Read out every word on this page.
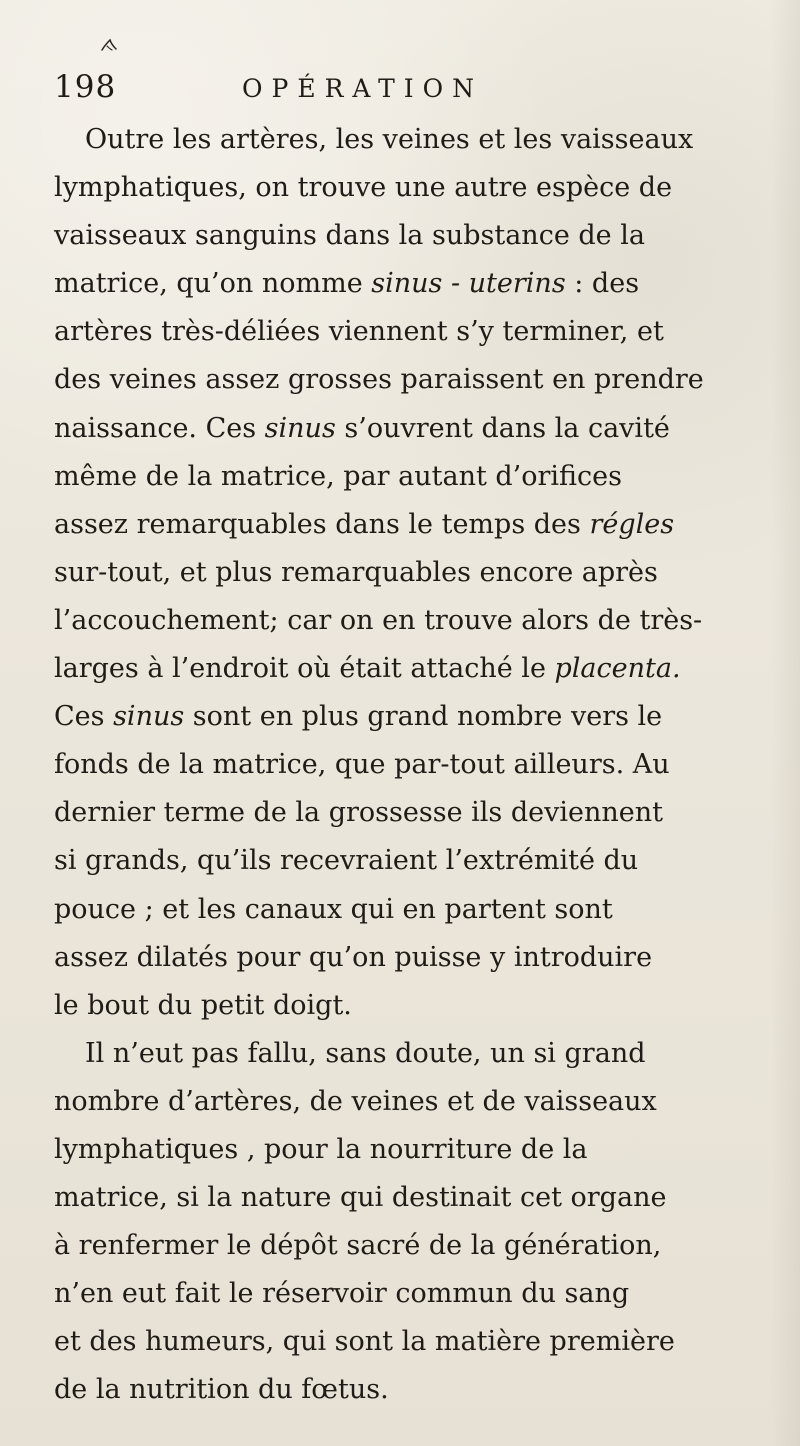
198	OPÉRATION
Outre les artères, les veines et les vaisseaux
lymphatiques, on trouve une autre espèce de
vaisseaux sanguins dans la substance de la
matrice, qu’on nomme sinus - uterins : des
artères très-déliées viennent s’y terminer, et
des veines assez grosses paraissent en prendre
naissance. Ces sinus s’ouvrent dans la cavité
même de la matrice, par autant d’orifices
assez remarquables dans le temps des régles
sur-tout, et plus remarquables encore après
l’accouchement; car on en trouve alors de très-
larges à l’endroit où était attaché le placenta.
Ces sinus sont en plus grand nombre vers le
fonds de la matrice, que par-tout ailleurs. Au
dernier terme de la grossesse ils deviennent
si grands, qu’ils recevraient l’extrémité du
pouce ; et les canaux qui en partent sont
assez dilatés pour qu’on puisse y introduire
le bout du petit doigt.
Il n’eut pas fallu, sans doute, un si grand
nombre d’artères, de veines et de vaisseaux
lymphatiques , pour la nourriture de la
matrice, si la nature qui destinait cet organe
à renfermer le dépôt sacré de la génération,
n’en eut fait le réservoir commun du sang
et des humeurs, qui sont la matière première
de la nutrition du fœtus.
